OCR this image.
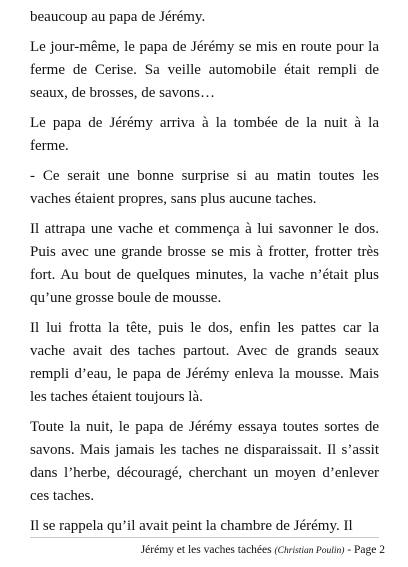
beaucoup au papa de Jérémy.

Le jour-même, le papa de Jérémy se mis en route pour la ferme de Cerise. Sa veille automobile était rempli de seaux, de brosses, de savons…

Le papa de Jérémy arriva à la tombée de la nuit à la ferme.

- Ce serait une bonne surprise si au matin toutes les vaches étaient propres, sans plus aucune taches.

Il attrapa une vache et commença à lui savonner le dos. Puis avec une grande brosse se mis à frotter, frotter très fort. Au bout de quelques minutes, la vache n’était plus qu’une grosse boule de mousse.

Il lui frotta la tête, puis le dos, enfin les pattes car la vache avait des taches partout. Avec de grands seaux rempli d’eau, le papa de Jérémy enleva la mousse. Mais les taches étaient toujours là.

Toute la nuit, le papa de Jérémy essaya toutes sortes de savons. Mais jamais les taches ne disparaissait. Il s’assit dans l’herbe, découragé, cherchant un moyen d’enlever ces taches.

Il se rappela qu’il avait peint la chambre de Jérémy. Il

Jérémy et les vaches tachées (Christian Poulin) - Page 2
